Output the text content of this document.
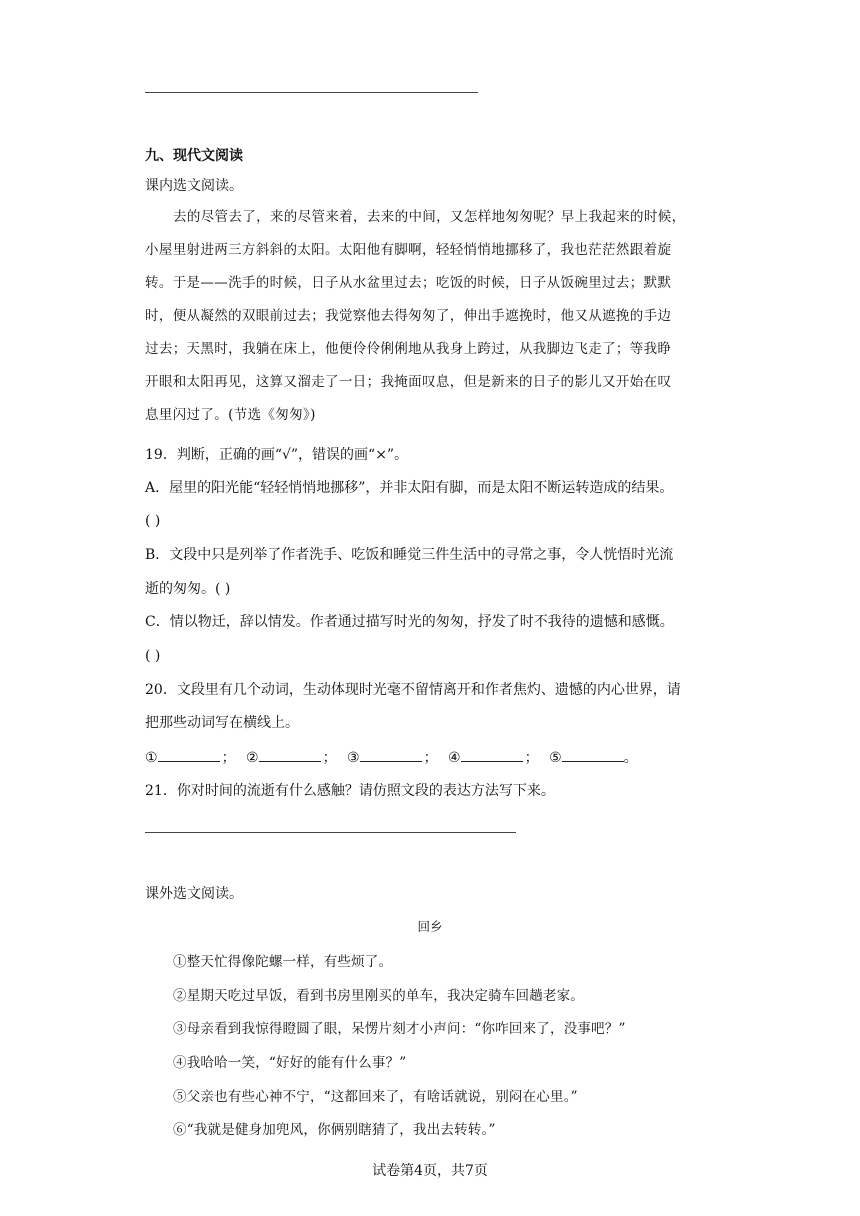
九、现代文阅读
课内选文阅读。
去的尽管去了，来的尽管来着，去来的中间，又怎样地匆匆呢？早上我起来的时候，
小屋里射进两三方斜斜的太阳。太阳他有脚啊，轻轻悄悄地挪移了，我也茫茫然跟着旋
转。于是——洗手的时候，日子从水盆里过去；吃饭的时候，日子从饭碗里过去；默默
时，便从凝然的双眼前过去；我觉察他去得匆匆了，伸出手遮挽时，他又从遮挽的手边
过去；天黑时，我躺在床上，他便伶伶俐俐地从我身上跨过，从我脚边飞走了；等我睁
开眼和太阳再见，这算又溜走了一日；我掩面叹息，但是新来的日子的影儿又开始在叹
息里闪过了。(节选《匆匆》)
19．判断，正确的画“√”，错误的画“×”。
A．屋里的阳光能“轻轻悄悄地挪移”，并非太阳有脚，而是太阳不断运转造成的结果。
( )
B．文段中只是列举了作者洗手、吃饭和睡觉三件生活中的寻常之事，令人恍悟时光流
逝的匆匆。( )
C．情以物迁，辞以情发。作者通过描写时光的匆匆，抒发了时不我待的遗憾和感慨。
( )
20．文段里有几个动词，生动体现时光毫不留情离开和作者焦灼、遗憾的内心世界，请
把那些动词写在横线上。
①	； ②	； ③	； ④	； ⑤	。
21．你对时间的流逝有什么感触？请仿照文段的表达方法写下来。
课外选文阅读。
回乡
①整天忙得像陀螺一样，有些烦了。
②星期天吃过早饭，看到书房里刚买的单车，我决定骑车回趟老家。
③母亲看到我惊得瞪圆了眼，呆愣片刻才小声问：“你咋回来了，没事吧？”
④我哈哈一笑，“好好的能有什么事？”
⑤父亲也有些心神不宁，“这都回来了，有啥话就说，别闷在心里。”
⑥“我就是健身加兜风，你俩别瞎猜了，我出去转转。”
试卷第4页，共7页
